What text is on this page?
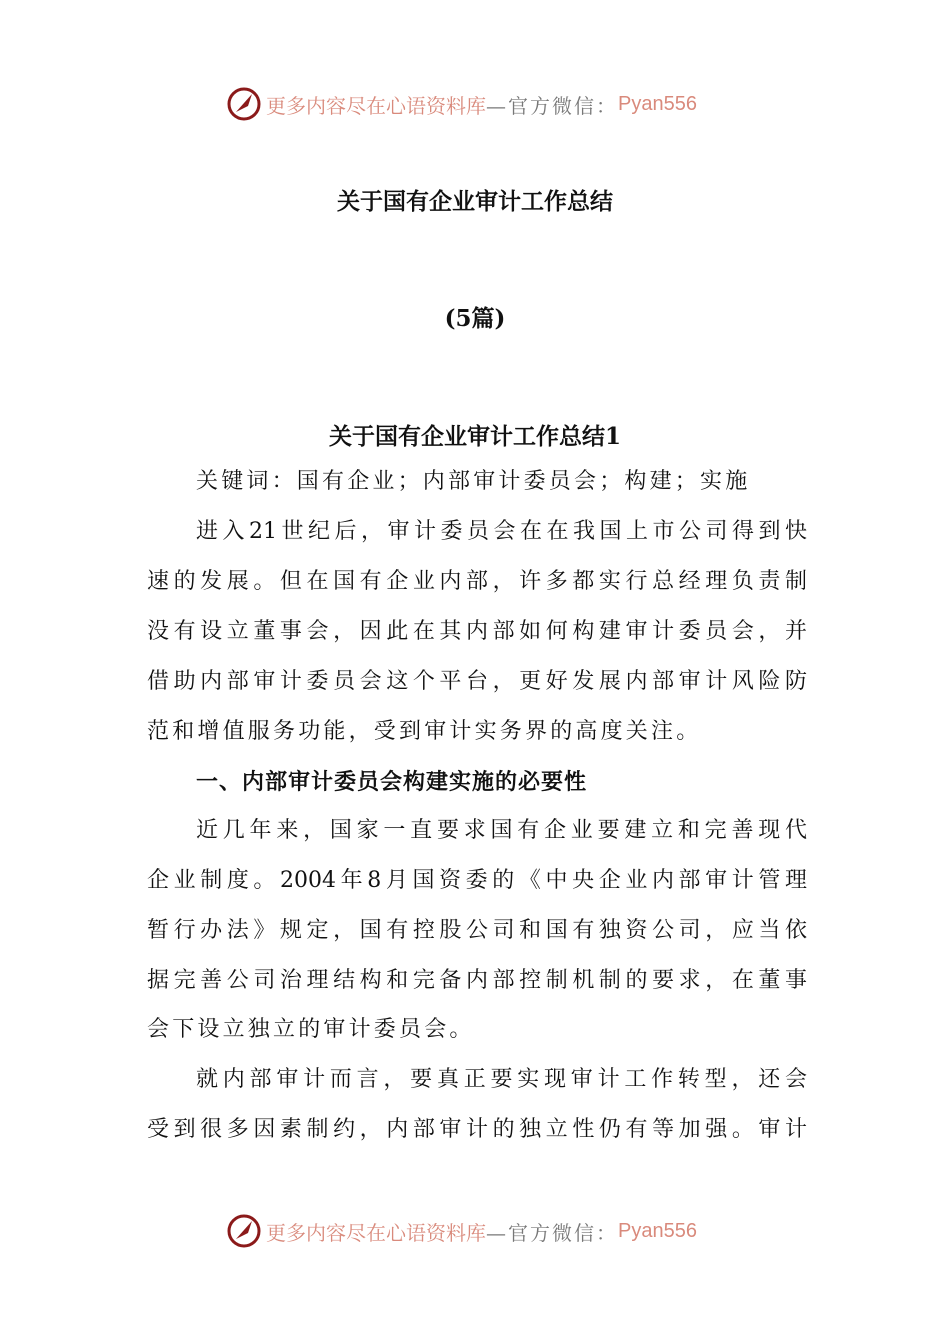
更多内容尽在心语资料库 —官方微信： Pyan556
关于国有企业审计工作总结
(5篇)
关于国有企业审计工作总结1
关键词：国有企业；内部审计委员会；构建；实施
进入21世纪后，审计委员会在在我国上市公司得到快
速的发展。但在国有企业内部，许多都实行总经理负责制
没有设立董事会，因此在其内部如何构建审计委员会，并
借助内部审计委员会这个平台，更好发展内部审计风险防
范和增值服务功能，受到审计实务界的高度关注。
一、内部审计委员会构建实施的必要性
近几年来，国家一直要求国有企业要建立和完善现代
企业制度。2004年8月国资委的《中央企业内部审计管理
暂行办法》规定，国有控股公司和国有独资公司，应当依
据完善公司治理结构和完备内部控制机制的要求，在董事
会下设立独立的审计委员会。
就内部审计而言，要真正要实现审计工作转型，还会
受到很多因素制约，内部审计的独立性仍有等加强。审计
更多内容尽在心语资料库 —官方微信： Pyan556
